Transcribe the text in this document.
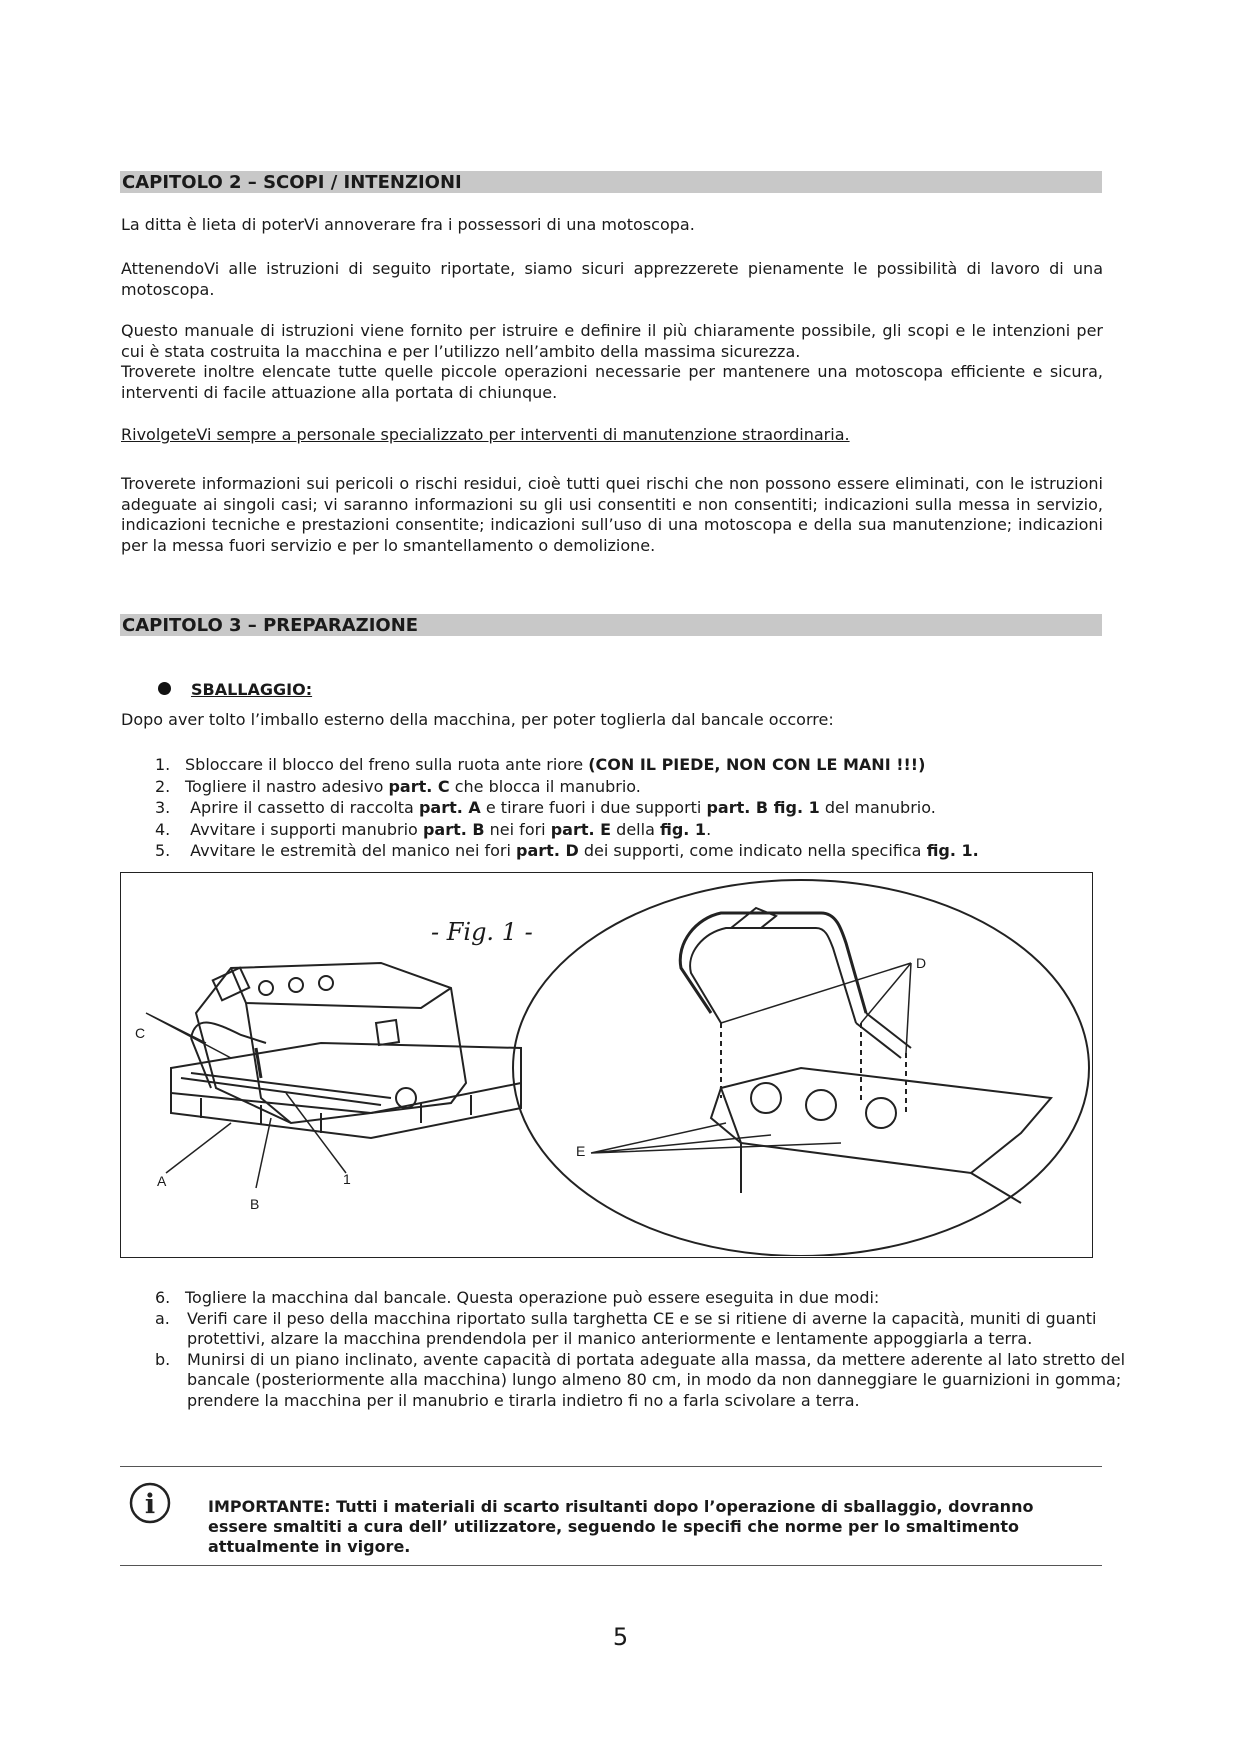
CAPITOLO 2 – SCOPI / INTENZIONI
La ditta è lieta di poterVi annoverare fra i possessori di una motoscopa.
AttenendoVi alle istruzioni di seguito riportate, siamo sicuri apprezzerete pienamente le possibilità di lavoro di una motoscopa.
Questo manuale di istruzioni viene fornito per istruire e definire il più chiaramente possibile, gli scopi e le intenzioni per cui è stata costruita la macchina e per l’utilizzo nell’ambito della massima sicurezza.
Troverete inoltre elencate tutte quelle piccole operazioni necessarie per mantenere una motoscopa efficiente e sicura, interventi di facile attuazione alla portata di chiunque.
RivolgeteVi sempre a personale specializzato per interventi di manutenzione straordinaria.
Troverete informazioni sui pericoli o rischi residui, cioè tutti quei rischi che non possono essere eliminati, con le istruzioni adeguate ai singoli casi; vi saranno informazioni su gli usi consentiti e non consentiti; indicazioni sulla messa in servizio, indicazioni tecniche e prestazioni consentite; indicazioni sull’uso di una motoscopa e della sua manutenzione; indicazioni per la messa fuori servizio e per lo smantellamento o demolizione.
CAPITOLO 3 – PREPARAZIONE
SBALLAGGIO:
Dopo aver tolto l’imballo esterno della macchina, per poter toglierla dal bancale occorre:
1. Sbloccare il blocco del freno sulla ruota ante riore (CON IL PIEDE, NON CON LE MANI !!!)
2. Togliere il nastro adesivo part. C che blocca il manubrio.
3. Aprire il cassetto di raccolta part. A e tirare fuori i due supporti part. B fig. 1 del manubrio.
4. Avvitare i supporti manubrio part. B nei fori part. E della fig. 1.
5. Avvitare le estremità del manico nei fori part. D dei supporti, come indicato nella specifica fig. 1.
- Fig. 1 -
C
A
B
1
D
E
6. Togliere la macchina dal bancale. Questa operazione può essere eseguita in due modi:
a. Verifi care il peso della macchina riportato sulla targhetta CE e se si ritiene di averne la capacità, muniti di guanti protettivi, alzare la macchina prendendola per il manico anteriormente e lentamente appoggiarla a terra.
b. Munirsi di un piano inclinato, avente capacità di portata adeguate alla massa, da mettere aderente al lato stretto del bancale (posteriormente alla macchina) lungo almeno 80 cm, in modo da non danneggiare le guarnizioni in gomma; prendere la macchina per il manubrio e tirarla indietro fi no a farla scivolare a terra.
i	IMPORTANTE: Tutti i materiali di scarto risultanti dopo l’operazione di sballaggio, dovranno essere smaltiti a cura dell’ utilizzatore, seguendo le specifi che norme per lo smaltimento attualmente in vigore.
5
